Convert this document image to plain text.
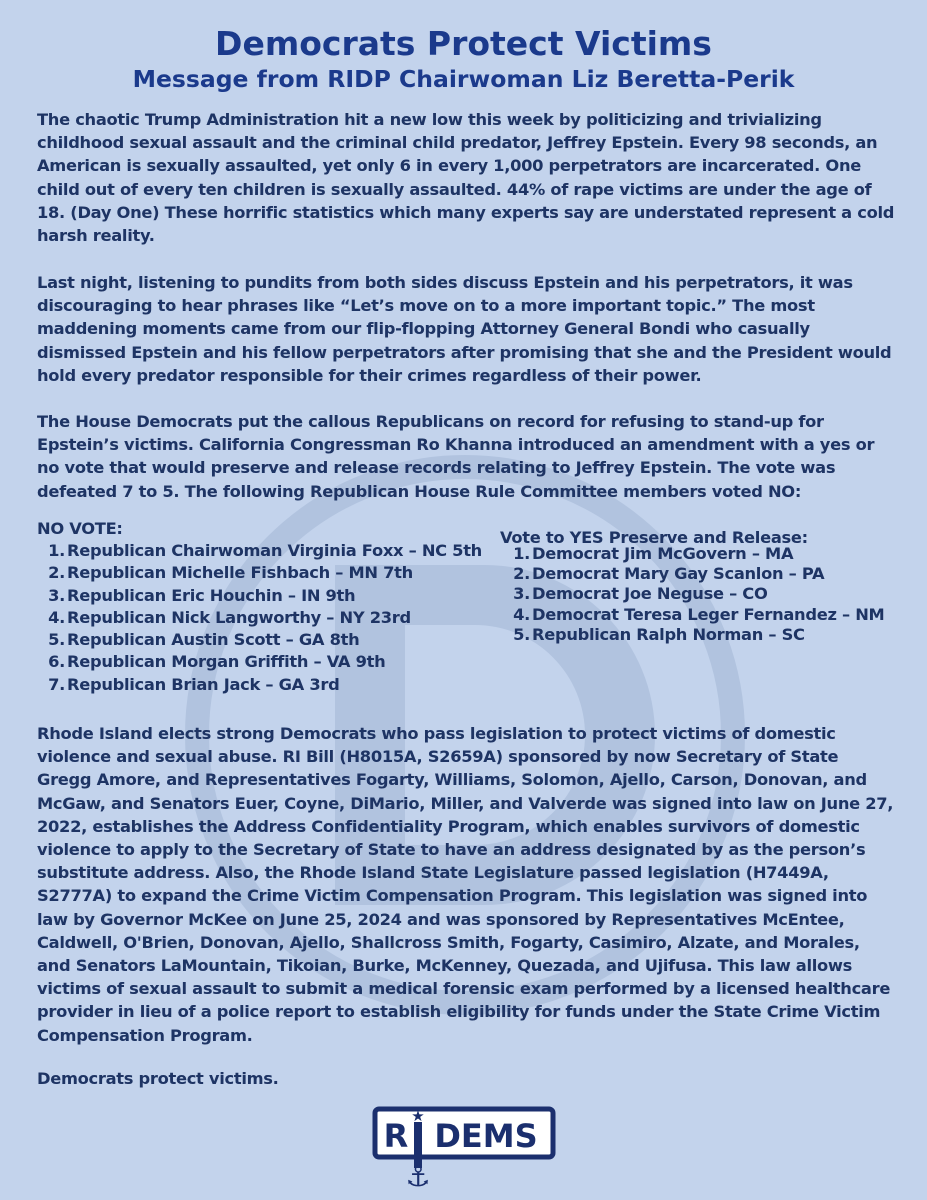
Democrats Protect Victims
Message from RIDP Chairwoman Liz Beretta-Perik

The chaotic Trump Administration hit a new low this week by politicizing and trivializing childhood sexual assault and the criminal child predator, Jeffrey Epstein. Every 98 seconds, an American is sexually assaulted, yet only 6 in every 1,000 perpetrators are incarcerated. One child out of every ten children is sexually assaulted. 44% of rape victims are under the age of 18. (Day One) These horrific statistics which many experts say are understated represent a cold harsh reality.

Last night, listening to pundits from both sides discuss Epstein and his perpetrators, it was discouraging to hear phrases like “Let’s move on to a more important topic.” The most maddening moments came from our flip-flopping Attorney General Bondi who casually dismissed Epstein and his fellow perpetrators after promising that she and the President would hold every predator responsible for their crimes regardless of their power.

The House Democrats put the callous Republicans on record for refusing to stand-up for Epstein’s victims. California Congressman Ro Khanna introduced an amendment with a yes or no vote that would preserve and release records relating to Jeffrey Epstein. The vote was defeated 7 to 5. The following Republican House Rule Committee members voted NO:

NO VOTE:
1. Republican Chairwoman Virginia Foxx – NC 5th
2. Republican Michelle Fishbach – MN 7th
3. Republican Eric Houchin – IN 9th
4. Republican Nick Langworthy – NY 23rd
5. Republican Austin Scott – GA 8th
6. Republican Morgan Griffith – VA 9th
7. Republican Brian Jack – GA 3rd
Vote to YES Preserve and Release:
1. Democrat Jim McGovern – MA
2. Democrat Mary Gay Scanlon – PA
3. Democrat Joe Neguse – CO
4. Democrat Teresa Leger Fernandez – NM
5. Republican Ralph Norman – SC

Rhode Island elects strong Democrats who pass legislation to protect victims of domestic violence and sexual abuse. RI Bill (H8015A, S2659A) sponsored by now Secretary of State Gregg Amore, and Representatives Fogarty, Williams, Solomon, Ajello, Carson, Donovan, and McGaw, and Senators Euer, Coyne, DiMario, Miller, and Valverde was signed into law on June 27, 2022, establishes the Address Confidentiality Program, which enables survivors of domestic violence to apply to the Secretary of State to have an address designated by as the person’s substitute address. Also, the Rhode Island State Legislature passed legislation (H7449A, S2777A) to expand the Crime Victim Compensation Program. This legislation was signed into law by Governor McKee on June 25, 2024 and was sponsored by Representatives McEntee, Caldwell, O'Brien, Donovan, Ajello, Shallcross Smith, Fogarty, Casimiro, Alzate, and Morales, and Senators LaMountain, Tikoian, Burke, McKenney, Quezada, and Ujifusa. This law allows victims of sexual assault to submit a medical forensic exam performed by a licensed healthcare provider in lieu of a police report to establish eligibility for funds under the State Crime Victim Compensation Program.

Democrats protect victims.

R
★
DEMS
⚓
